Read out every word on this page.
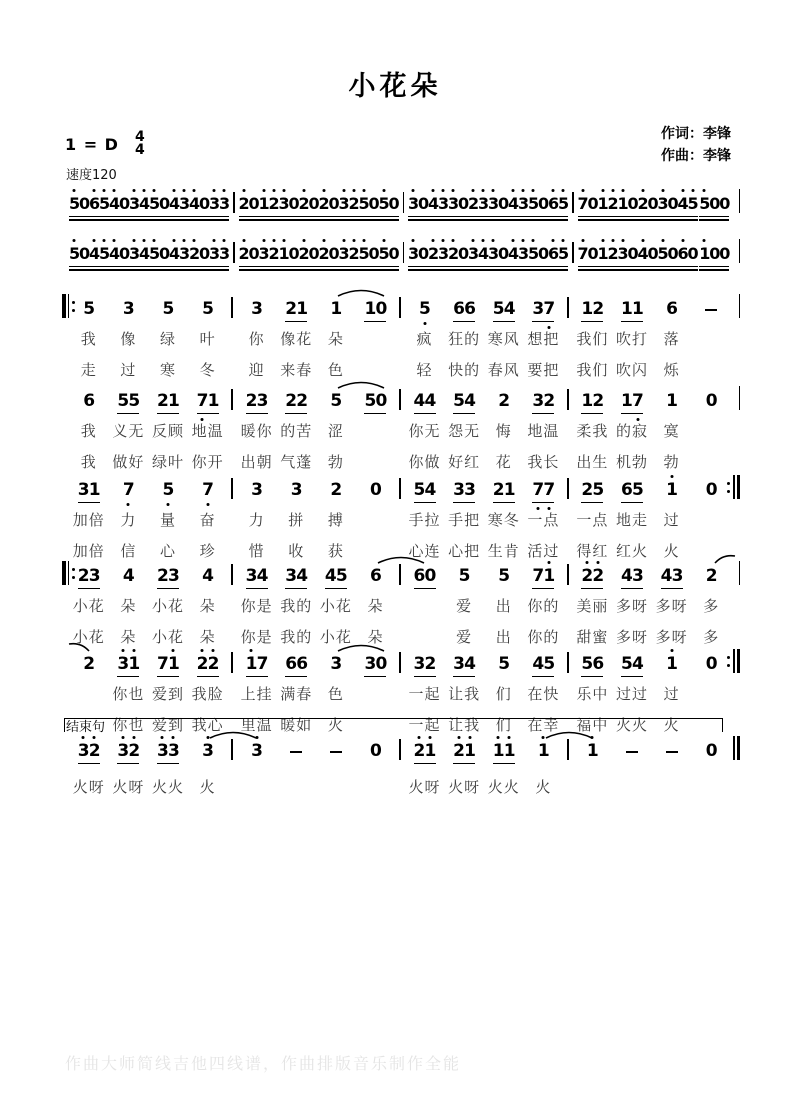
小花朵
作词：李锋
作曲：李锋
1 = D 4
4
速度120
5
0
6
5
4
0
3
4
5
0
4
3
4
0
3
3 2
0
1
2
3
0
2
0
2
0
3
2
5
0
5
0 3
0
4
3
3
0
2
3
3
0
4
3
5
0
6
5 7
0
1
2
1
0
2
0
3
0
4
5 5
0
0
5
0
4
5
4
0
3
4
5
0
4
3
2
0
3
3 2
0
3
2
1
0
2
0
2
0
3
2
5
0
5
0 3
0
2
3
2
0
3
4
3
0
4
3
5
0
6
5 7
0
1
2
3
0
4
0
5
0
6
0 1
0
0
5 3 5 5 3 2 1 1 1 0 5 6 6 5 4 3 7 1 2 1 1 6
我 像 绿 叶 你 像花 朵	疯 狂的 寒风 想把 我们 吹打 落
走 过 寒 冬 迎 来春 色	轻 快的 春风 要把 我们 吹闪 烁
6 5 5 2 1 7 1 2 3 2 2 5 5 0 4 4 5 4 2 3 2 1 2 1 7 1 0
我 义无 反顾 地温 暖你 的苦 涩	你无 怨无 悔 地温 柔我 的寂 寞
我 做好 绿叶 你开 出朝 气蓬 勃	你做 好红 花 我长 出生 机勃 勃
3 1 7 5 7 3 3 2 0 5 4 3 3 2 1 7 7 2 5 6 5 1 0
加倍 力 量 奋 力 拼 搏	手拉 手把 寒冬 一点 一点 地走 过
加倍 信 心 珍 惜 收 获	心连 心把 生肯 活过 得红 红火 火
2 3 4 2 3 4 3 4 3 4 4 5 6 6 0 5 5 7 1 2 2 4 3 4 3 2
小花 朵 小花 朵 你是 我的 小花 朵	爱 出 你的 美丽 多呀 多呀 多
小花 朵 小花 朵 你是 我的 小花 朵	爱 出 你的 甜蜜 多呀 多呀 多
2 3 1 7 1 2 2 1 7 6 6 3 3 0 3 2 3 4 5 4 5 5 6 5 4 1 0
你也 爱到 我脸 上挂 满春 色	一起 让我 们 在快 乐中 过过 过
你也 爱到 我心 里温 暖如 火	一起 让我 们 在幸 福中 火火 火
3 2 3 2 3 3 3 3	0 2 1 2 1 1 1 1 1	0
火呀 火呀 火火 火	火呀 火呀 火火 火
结束句
作曲大师简线吉他四线谱，作曲排版音乐制作全能
